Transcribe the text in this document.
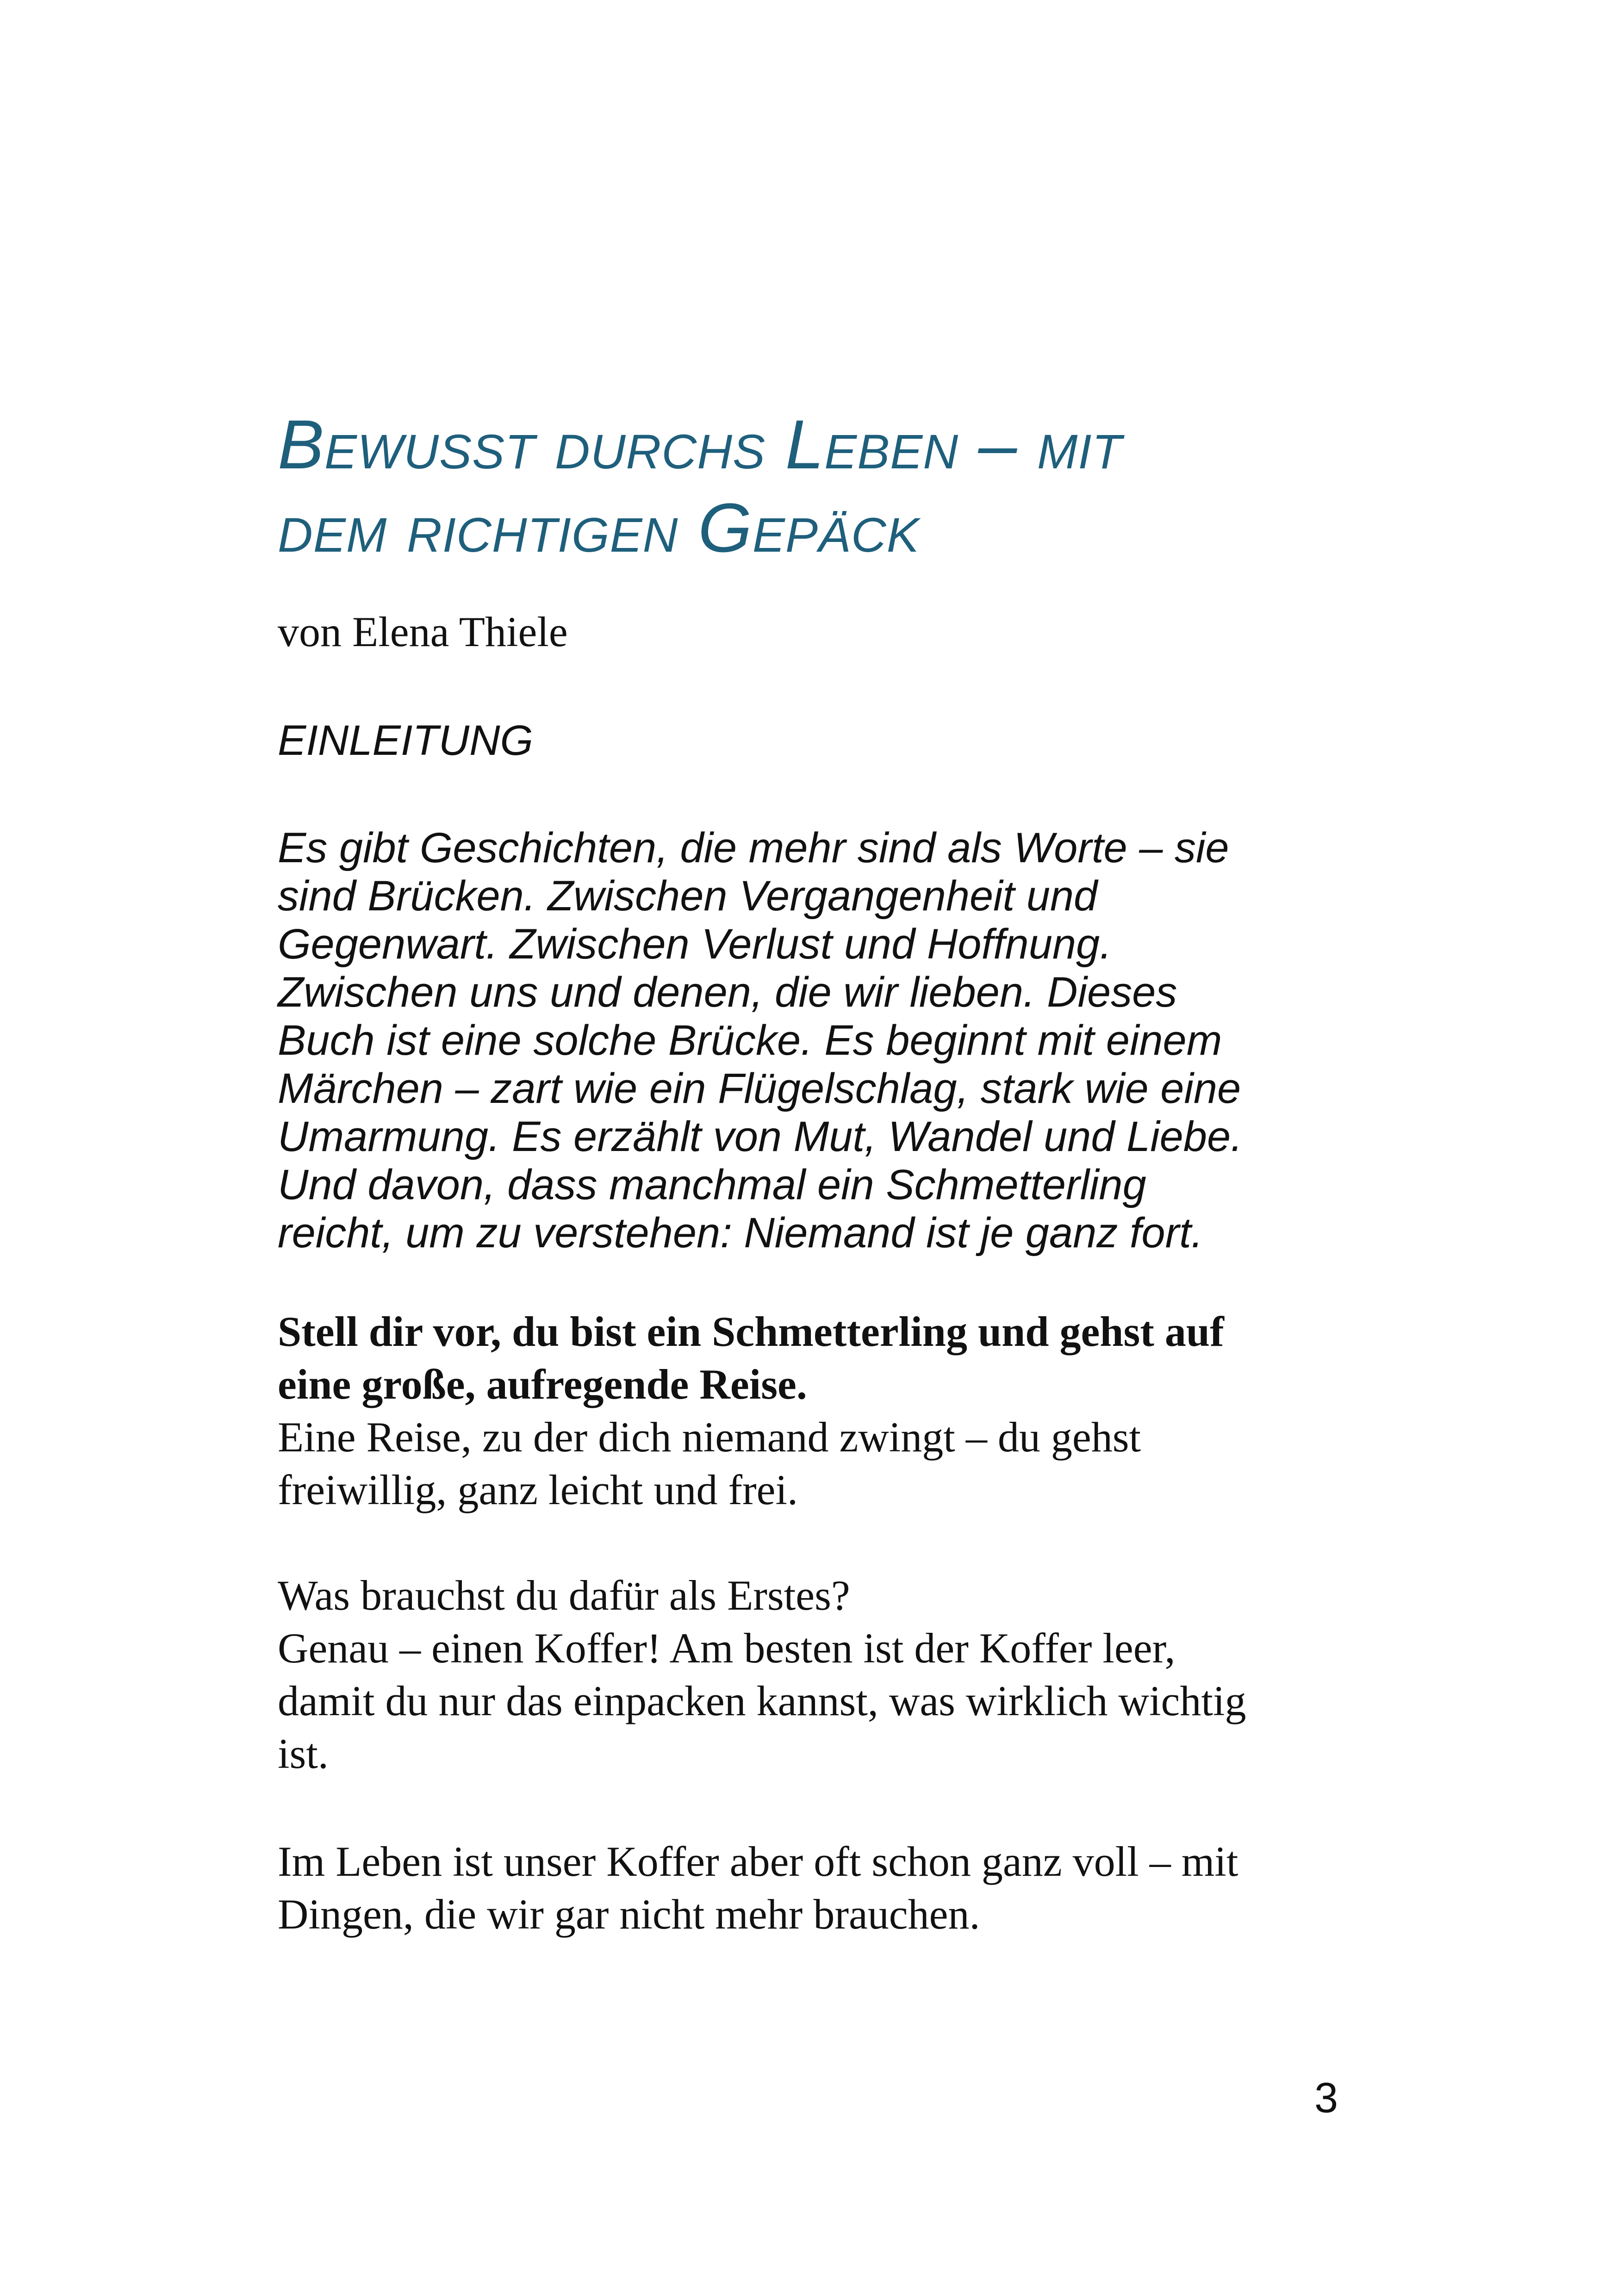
Bewusst durchs Leben – mit
dem richtigen Gepäck

von Elena Thiele

EINLEITUNG

Es gibt Geschichten, die mehr sind als Worte – sie
sind Brücken. Zwischen Vergangenheit und
Gegenwart. Zwischen Verlust und Hoffnung.
Zwischen uns und denen, die wir lieben. Dieses
Buch ist eine solche Brücke. Es beginnt mit einem
Märchen – zart wie ein Flügelschlag, stark wie eine
Umarmung. Es erzählt von Mut, Wandel und Liebe.
Und davon, dass manchmal ein Schmetterling
reicht, um zu verstehen: Niemand ist je ganz fort.

Stell dir vor, du bist ein Schmetterling und gehst auf
eine große, aufregende Reise.
Eine Reise, zu der dich niemand zwingt – du gehst
freiwillig, ganz leicht und frei.

Was brauchst du dafür als Erstes?
Genau – einen Koffer! Am besten ist der Koffer leer,
damit du nur das einpacken kannst, was wirklich wichtig
ist.

Im Leben ist unser Koffer aber oft schon ganz voll – mit
Dingen, die wir gar nicht mehr brauchen.

3
